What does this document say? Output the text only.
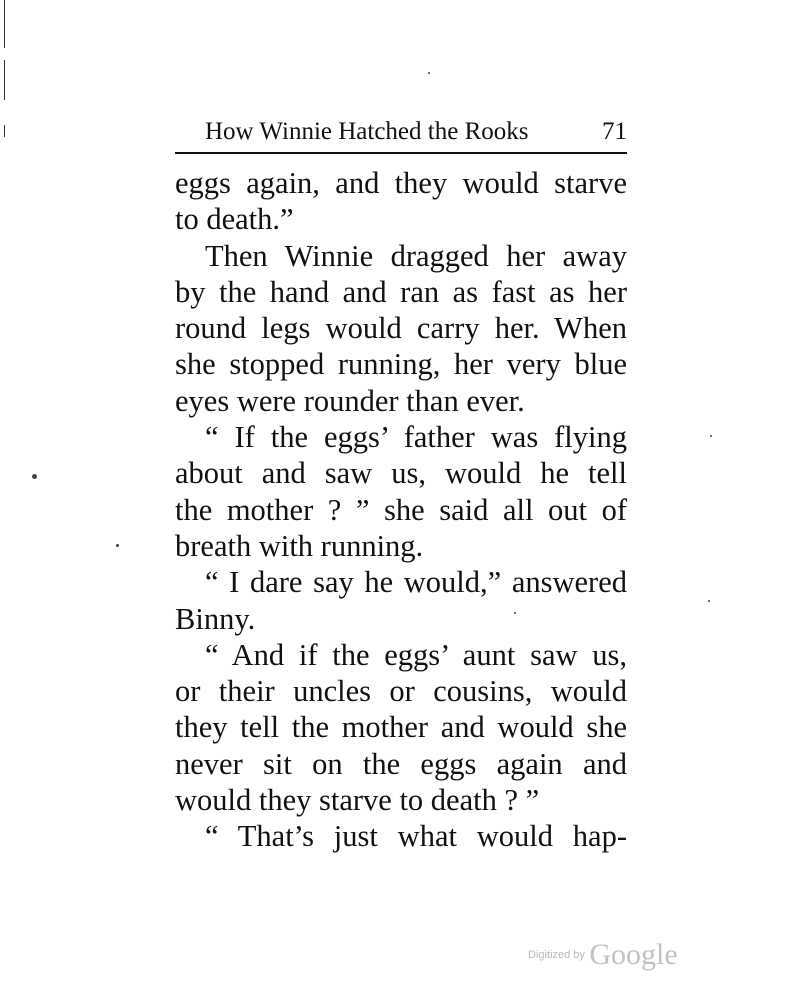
How Winnie Hatched the Rooks	71
eggs again, and they would starve
to death.”
Then Winnie dragged her away
by the hand and ran as fast as her
round legs would carry her. When
she stopped running, her very blue
eyes were rounder than ever.
“ If the eggs’ father was flying
about and saw us, would he tell
the mother ? ” she said all out of
breath with running.
“ I dare say he would,” answered
Binny.
“ And if the eggs’ aunt saw us,
or their uncles or cousins, would
they tell the mother and would she
never sit on the eggs again and
would they starve to death ? ”
“ That’s just what would hap-
Digitized by Google
